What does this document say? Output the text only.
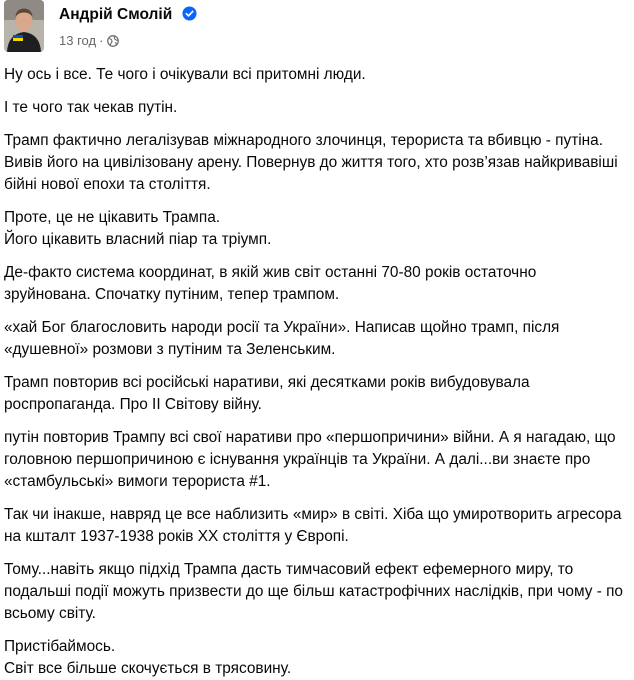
Андрій Смолій
13 год ·

Ну ось і все. Те чого і очікували всі притомні люди.

І те чого так чекав путін.

Трамп фактично легалізував міжнародного злочинця, терориста та вбивцю - путіна. Вивів його на цивілізовану арену. Повернув до життя того, хто розв’язав найкривавіші бійні нової епохи та століття.

Проте, це не цікавить Трампа.
Його цікавить власний піар та тріумп.

Де-факто система координат, в якій жив світ останні 70-80 років остаточно зруйнована. Спочатку путіним, тепер трампом.

«хай Бог благословить народи росії та України». Написав щойно трамп, після «душевної» розмови з путіним та Зеленським.

Трамп повторив всі російські наративи, які десятками років вибудовувала роспропаганда. Про ІІ Світову війну.

путін повторив Трампу всі свої наративи про «першопричини» війни. А я нагадаю, що головною першопричиною є існування українців та України. А далі...ви знаєте про «стамбульські» вимоги терориста #1.

Так чи інакше, навряд це все наблизить «мир» в світі. Хіба що умиротворить агресора на кшталт 1937-1938 років ХХ століття у Європі.

Тому...навіть якщо підхід Трампа дасть тимчасовий ефект ефемерного миру, то подальші події можуть призвести до ще більш катастрофічних наслідків, при чому - по всьому світу.

Пристібаймось.
Світ все більше скочується в трясовину.
